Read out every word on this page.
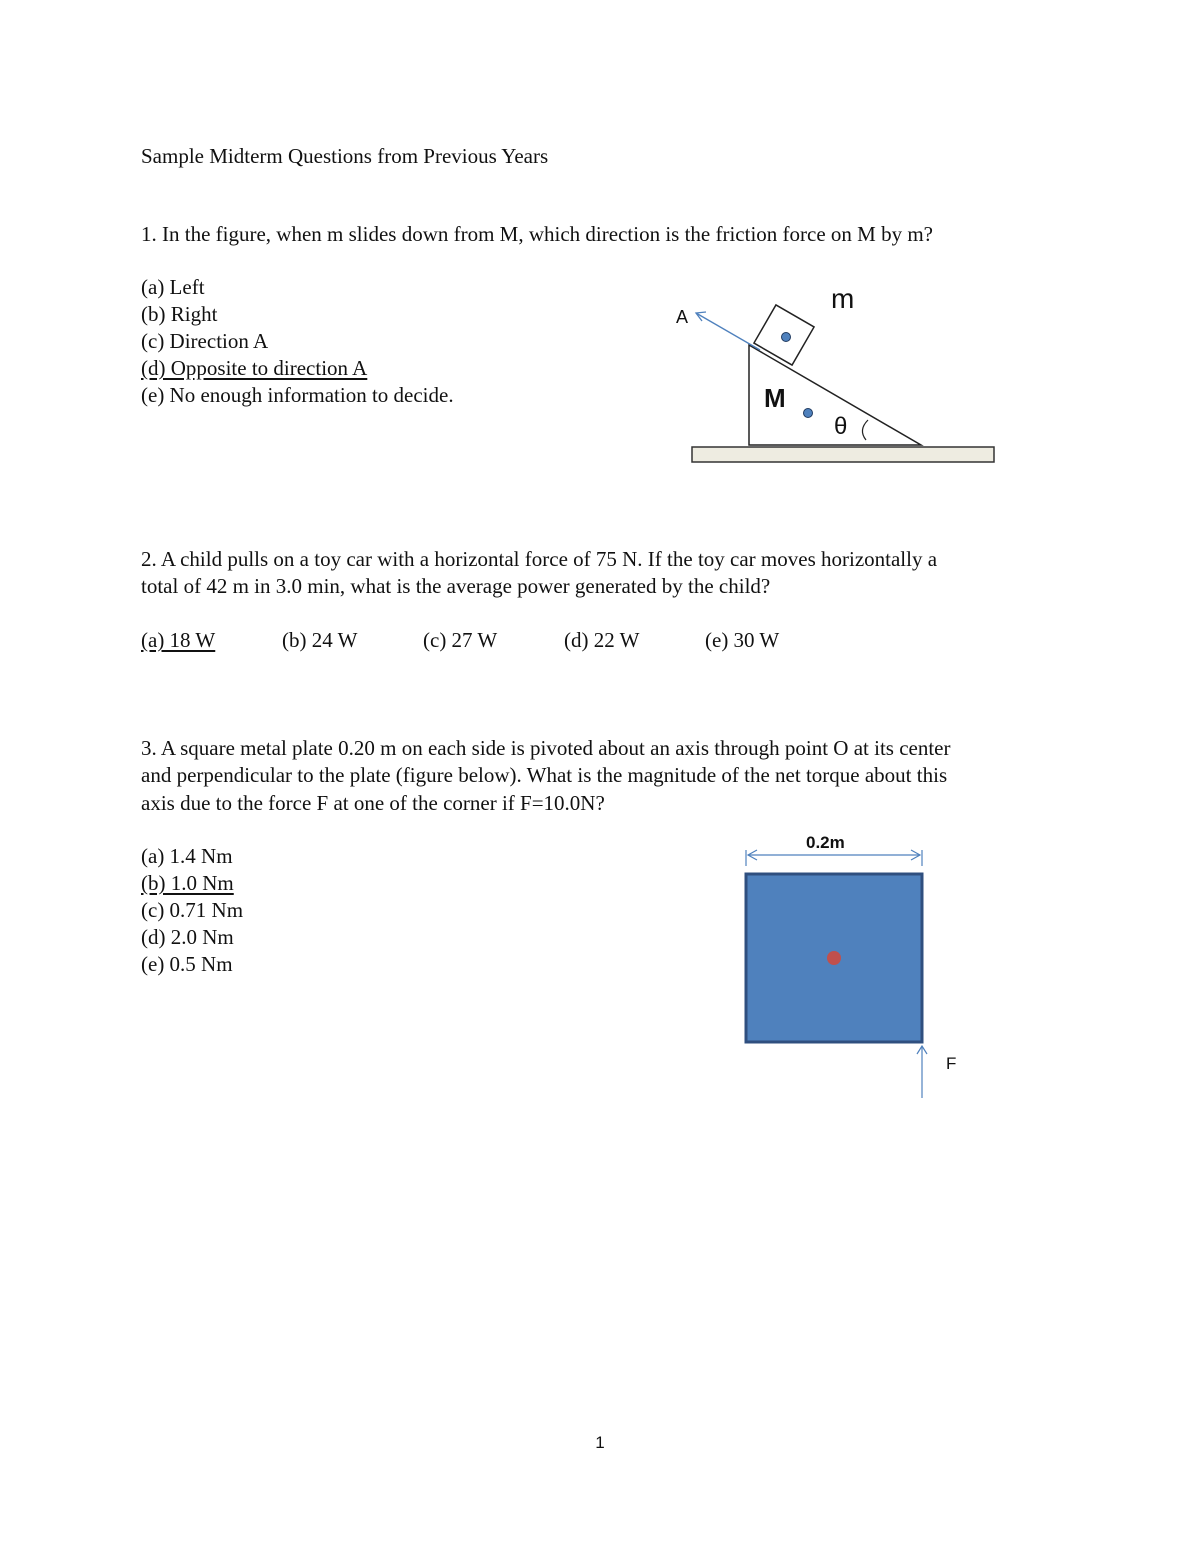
Sample Midterm Questions from Previous Years

1. In the figure, when m slides down from M, which direction is the friction force on M by m?

(a) Left
(b) Right
(c) Direction A
(d) Opposite to direction A
(e) No enough information to decide.
m
M
A
θ

2. A child pulls on a toy car with a horizontal force of 75 N. If the toy car moves horizontally a

total of 42 m in 3.0 min, what is the average power generated by the child?

(a) 18 W	(b) 24 W	(c) 27 W	(d) 22 W	(e) 30 W

3. A square metal plate 0.20 m on each side is pivoted about an axis through point O at its center

and perpendicular to the plate (figure below). What is the magnitude of the net torque about this

axis due to the force F at one of the corner if F=10.0N?

(a) 1.4 Nm
(b) 1.0 Nm
(c) 0.71 Nm
(d) 2.0 Nm
(e) 0.5 Nm
0.2m
F
1
